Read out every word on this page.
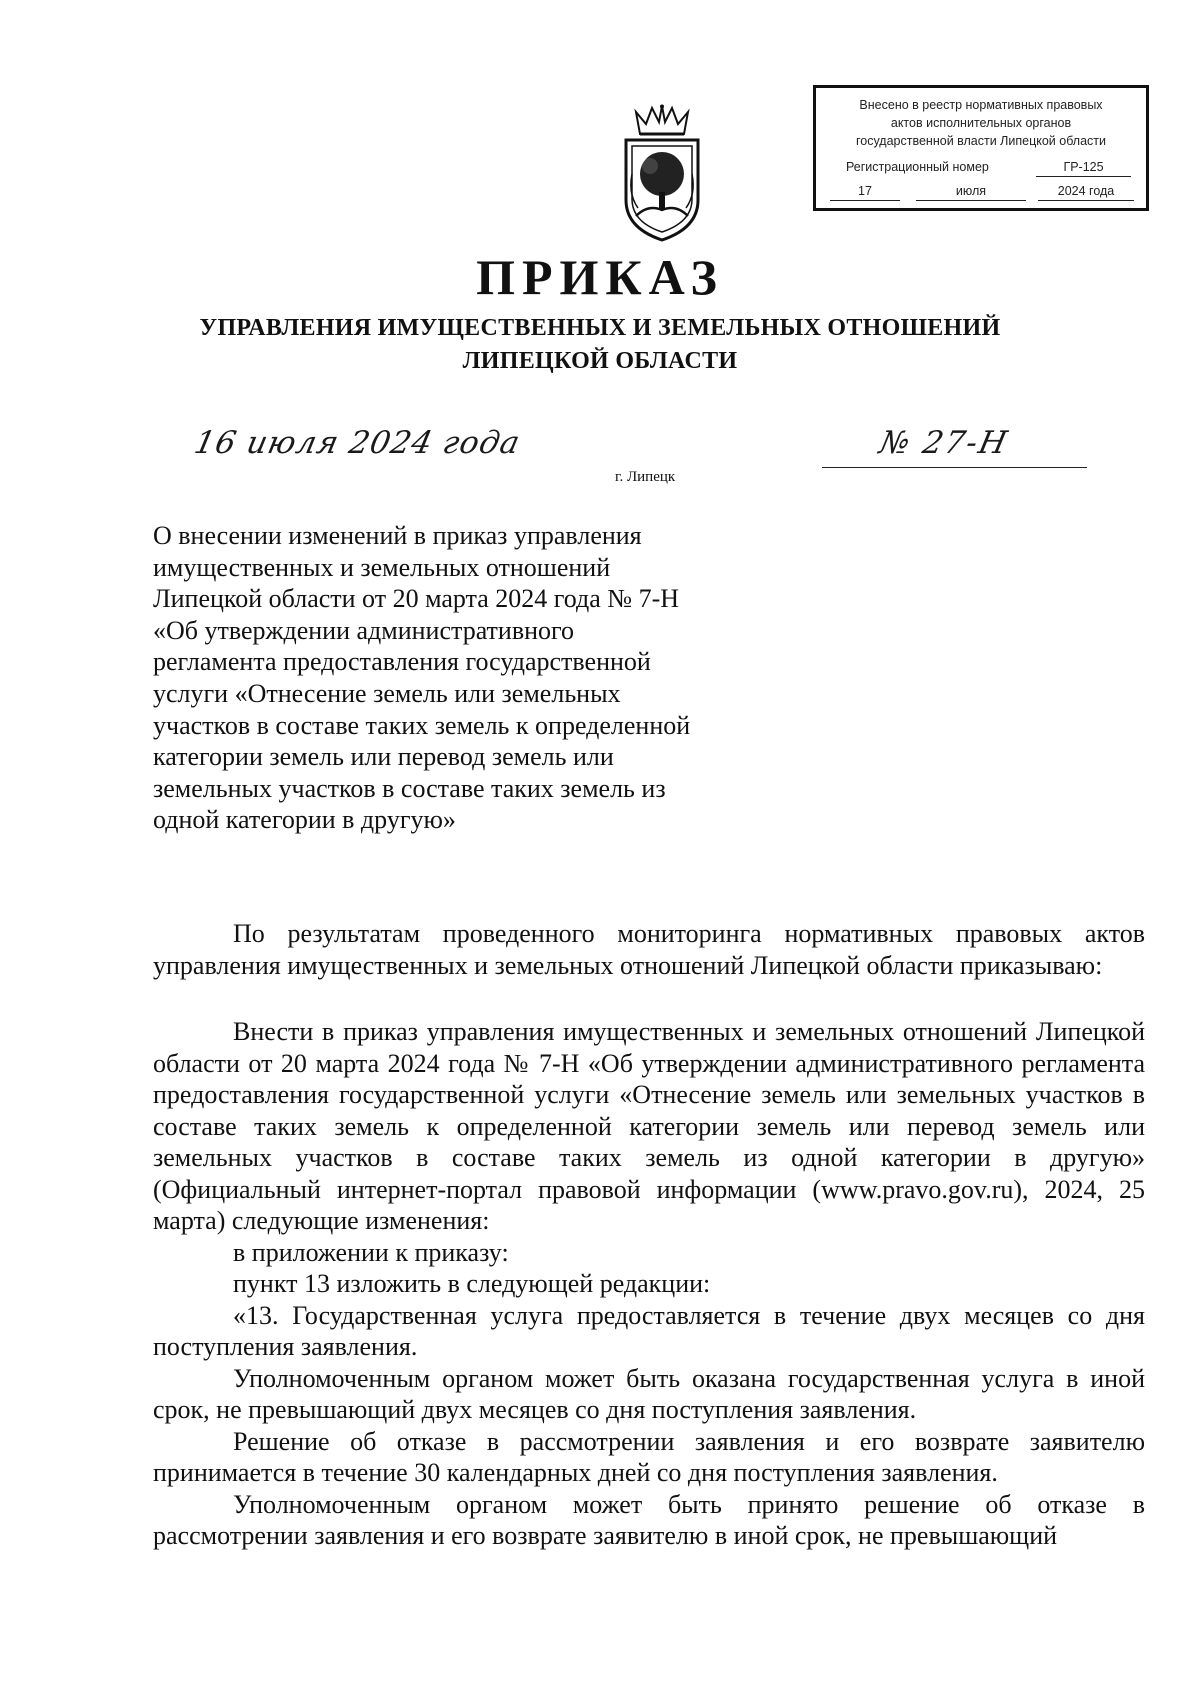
Внесено в реестр нормативных правовых
актов исполнительных органов
государственной власти Липецкой области
Регистрационный номер	ГР-125
17	июля	2024 года
ПРИКАЗ
УПРАВЛЕНИЯ ИМУЩЕСТВЕННЫХ И ЗЕМЕЛЬНЫХ ОТНОШЕНИЙ
ЛИПЕЦКОЙ ОБЛАСТИ
16 июля 2024 года	№ 27-Н
г. Липецк
О внесении изменений в приказ управления
имущественных и земельных отношений
Липецкой области от 20 марта 2024 года № 7-Н
«Об утверждении административного
регламента предоставления государственной
услуги «Отнесение земель или земельных
участков в составе таких земель к определенной
категории земель или перевод земель или
земельных участков в составе таких земель из
одной категории в другую»

По результатам проведенного мониторинга нормативных правовых актов управления имущественных и земельных отношений Липецкой области приказываю:

Внести в приказ управления имущественных и земельных отношений Липецкой области от 20 марта 2024 года № 7-Н «Об утверждении административного регламента предоставления государственной услуги «Отнесение земель или земельных участков в составе таких земель к определенной категории земель или перевод земель или земельных участков в составе таких земель из одной категории в другую» (Официальный интернет-портал правовой информации (www.pravo.gov.ru), 2024, 25 марта) следующие изменения:

в приложении к приказу:

пункт 13 изложить в следующей редакции:

«13. Государственная услуга предоставляется в течение двух месяцев со дня поступления заявления.

Уполномоченным органом может быть оказана государственная услуга в иной срок, не превышающий двух месяцев со дня поступления заявления.

Решение об отказе в рассмотрении заявления и его возврате заявителю принимается в течение 30 календарных дней со дня поступления заявления.

Уполномоченным органом может быть принято решение об отказе в рассмотрении заявления и его возврате заявителю в иной срок, не превышающий
